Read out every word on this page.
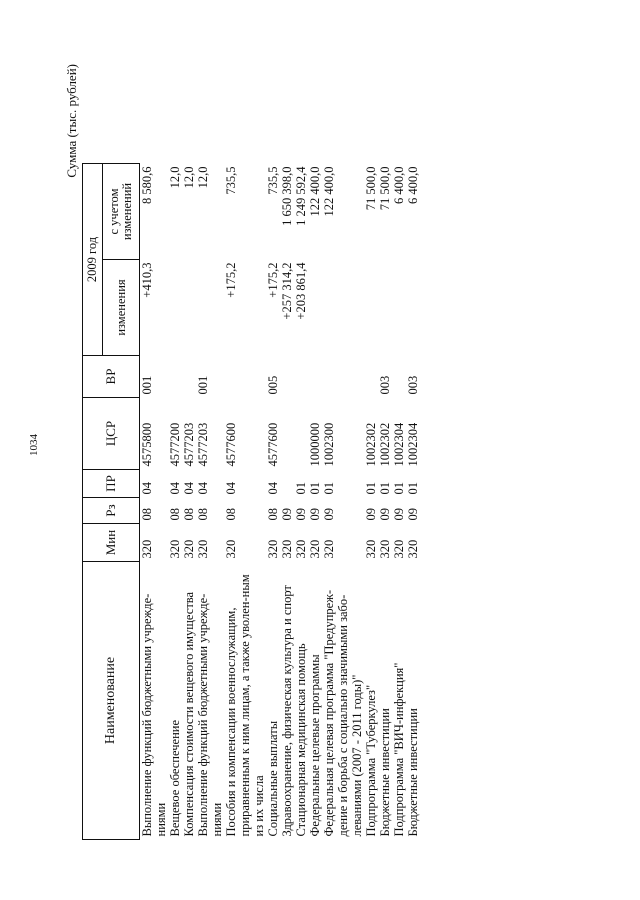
1034
Сумма (тыс. рублей)
Наименование	Мин	Рз	ПР	ЦСР	ВР	2009 год	
						изменения	с учетом изменений
Выполнение функций бюджетными учрежде-ниями	320	08	04	4575800	001	+410,3	8 580,6
Вещевое обеспечение	320	08	04	4577200			12,0
Компенсация стоимости вещевого имущества	320	08	04	4577203			12,0
Выполнение функций бюджетными учрежде-ниями	320	08	04	4577203	001		12,0
Пособия и компенсации военнослужащим, приравненным к ним лицам, а также уволен-ным из их числа	320	08	04	4577600		+175,2	735,5
Социальные выплаты	320	08	04	4577600	005	+175,2	735,5
Здравоохранение, физическая культура и спорт	320	09				+257 314,2	1 650 398,0
Стационарная медицинская помощь	320	09	01			+203 861,4	1 249 592,4
Федеральные целевые программы	320	09	01	1000000			122 400,0
Федеральная целевая программа "Предупреж-дение и борьба с социально значимыми забо-леваниями (2007 - 2011 годы)"	320	09	01	1002300			122 400,0
Подпрограмма "Туберкулез"	320	09	01	1002302			71 500,0
Бюджетные инвестиции	320	09	01	1002302	003		71 500,0
Подпрограмма "ВИЧ-инфекция"	320	09	01	1002304			6 400,0
Бюджетные инвестиции	320	09	01	1002304	003		6 400,0
